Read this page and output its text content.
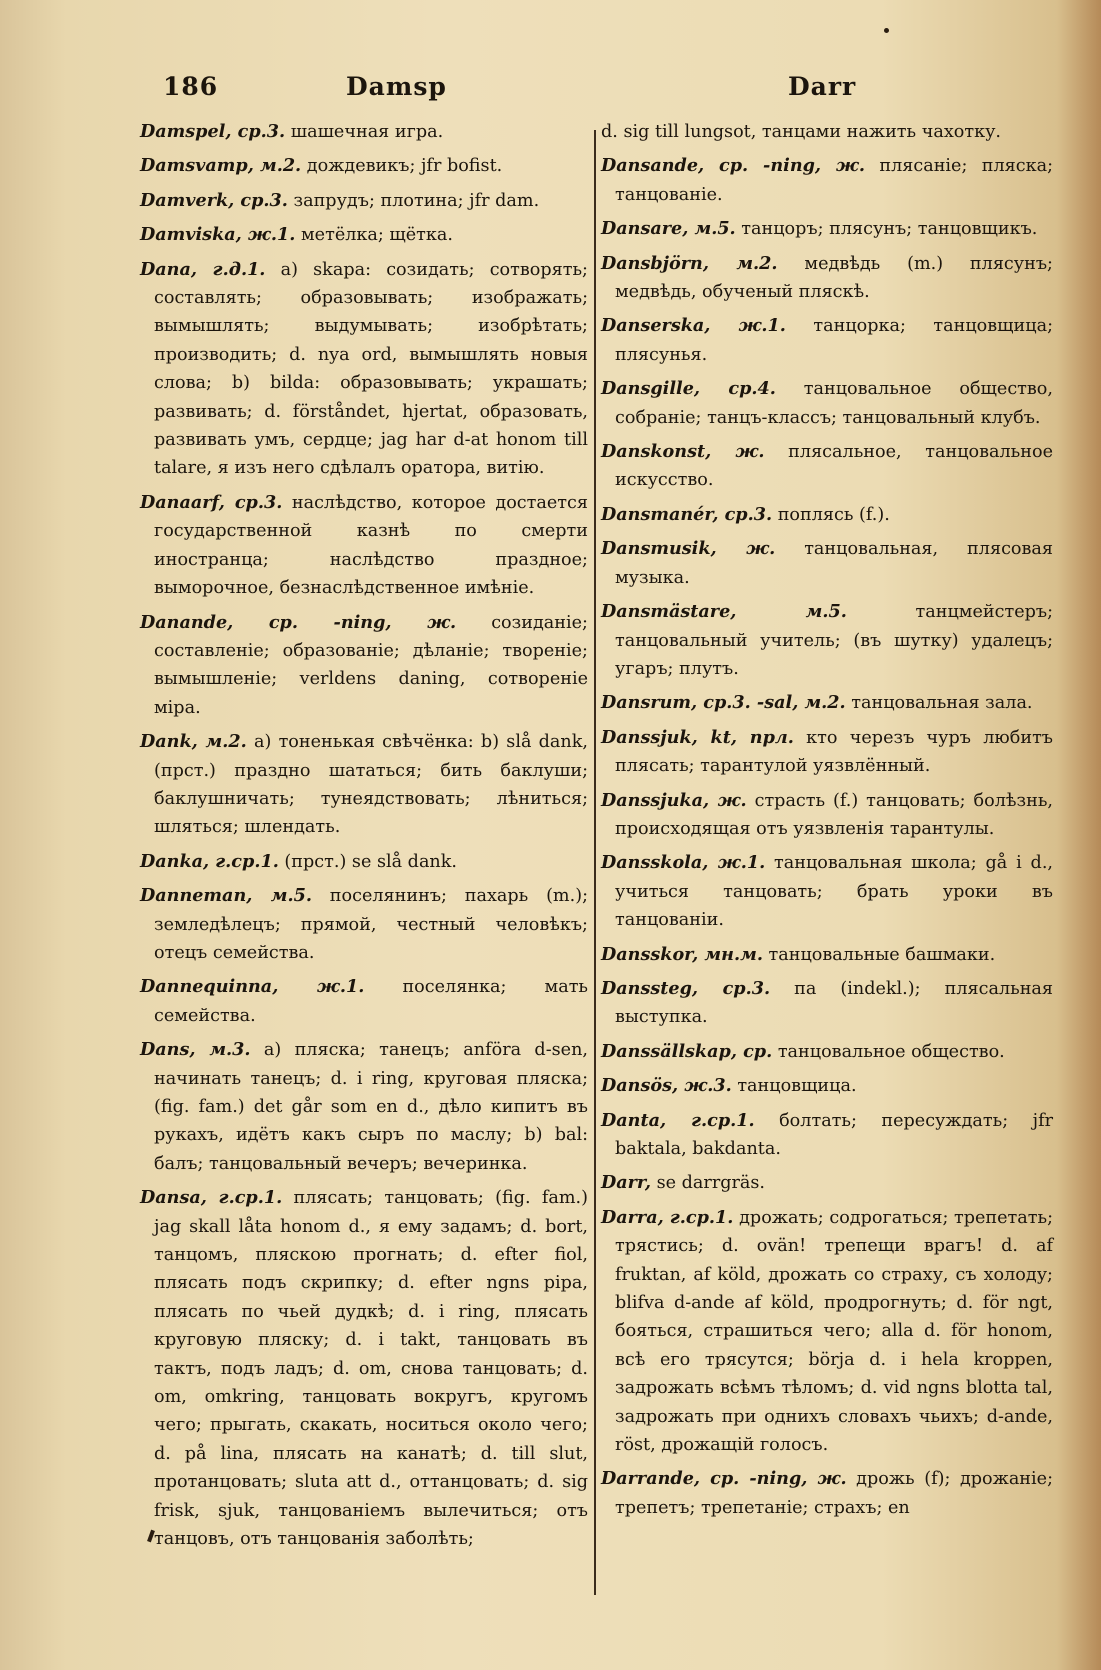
186	Damsp	Darr

Damspel, ср.3. шашечная игра.

Damsvamp, м.2. дождевикъ; jfr bofist.

Damverk, ср.3. запрудъ; плотина; jfr dam.

Damviska, ж.1. метёлка; щётка.

Dana, г.д.1. a) skapa: созидать; сотворять; составлять; образовывать; изображать; вымышлять; выдумывать; изобрѣтать; производить; d. nya ord, вымышлять новыя слова; b) bilda: образовывать; украшать; развивать; d. förståndet, hjertat, образовать, развивать умъ, сердце; jag har d-at honom till talare, я изъ него сдѣлалъ оратора, витію.

Danaarf, ср.3. наслѣдство, которое достается государственной казнѣ по смерти иностранца; наслѣдство праздное; выморочное, безнаслѣдственное имѣніе.

Danande, ср. -ning, ж. созиданіе; составленіе; образованіе; дѣланіе; твореніе; вымышленіе; verldens daning, сотвореніе міра.

Dank, м.2. a) тоненькая свѣчёнка: b) slå dank, (прст.) праздно шататься; бить баклуши; баклушничать; тунеядствовать; лѣниться; шляться; шлендать.

Danka, г.ср.1. (прст.) se slå dank.

Danneman, м.5. поселянинъ; пахарь (m.); земледѣлецъ; прямой, честный человѣкъ; отецъ семейства.

Dannequinna, ж.1. поселянка; мать семейства.

Dans, м.3. a) пляска; танецъ; anföra d-sen, начинать танецъ; d. i ring, круговая пляска; (fig. fam.) det går som en d., дѣло кипитъ въ рукахъ, идётъ какъ сыръ по маслу; b) bal: балъ; танцовальный вечеръ; вечеринка.

Dansa, г.ср.1. плясать; танцовать; (fig. fam.) jag skall låta honom d., я ему задамъ; d. bort, танцомъ, пляскою прогнать; d. efter fiol, плясать подъ скрипку; d. efter ngns pipa, плясать по чьей дудкѣ; d. i ring, плясать круговую пляску; d. i takt, танцовать въ тактъ, подъ ладъ; d. om, снова танцовать; d. om, omkring, танцовать вокругъ, кругомъ чего; прыгать, скакать, носиться около чего; d. på lina, плясать на канатѣ; d. till slut, протанцовать; sluta att d., оттанцовать; d. sig frisk, sjuk, танцованіемъ вылечиться; отъ танцовъ, отъ танцованія заболѣть;

d. sig till lungsot, танцами нажить чахотку.

Dansande, ср. -ning, ж. плясаніе; пляска; танцованіе.

Dansare, м.5. танцоръ; плясунъ; танцовщикъ.

Dansbjörn, м.2. медвѣдь (m.) плясунъ; медвѣдь, обученый пляскѣ.

Danserska, ж.1. танцорка; танцовщица; плясунья.

Dansgille, ср.4. танцовальное общество, собраніе; танцъ-классъ; танцовальный клубъ.

Danskonst, ж. плясальное, танцовальное искусство.

Dansmanér, ср.3. поплясь (f.).

Dansmusik, ж. танцовальная, плясовая музыка.

Dansmästare, м.5.	танцмейстеръ; танцовальный учитель; (въ шутку) удалецъ; угаръ; плутъ.

Dansrum, ср.3. -sal, м.2. танцовальная зала.

Danssjuk, kt, прл. кто черезъ чуръ любитъ плясать; тарантулой уязвлённый.

Danssjuka, ж. страсть (f.) танцовать; болѣзнь, происходящая отъ уязвленія тарантулы.

Dansskola, ж.1. танцовальная школа; gå i d., учиться танцовать; брать уроки въ танцованіи.

Dansskor, мн.м. танцовальные башмаки.

Danssteg, ср.3. па (indekl.); плясальная выступка.

Danssällskap, ср. танцовальное общество.

Dansös, ж.3. танцовщица.

Danta, г.ср.1. болтать; пересуждать; jfr baktala, bakdanta.

Darr, se darrgräs.

Darra, г.ср.1. дрожать; содрогаться; трепетать; трястись; d. ovän! трепещи врагъ! d. af fruktan, af köld, дрожать со страху, съ холоду; blifva d-ande af köld, продрогнуть; d. för ngt, бояться, страшиться чего; alla d. för honom, всѣ его трясутся; börja d. i hela kroppen, задрожать всѣмъ тѣломъ; d. vid ngns blotta tal, задрожать при однихъ словахъ чьихъ; d-ande, röst, дрожащій голосъ.

Darrande, ср. -ning, ж. дрожь (f); дрожаніе; трепетъ; трепетаніе; страхъ; en
